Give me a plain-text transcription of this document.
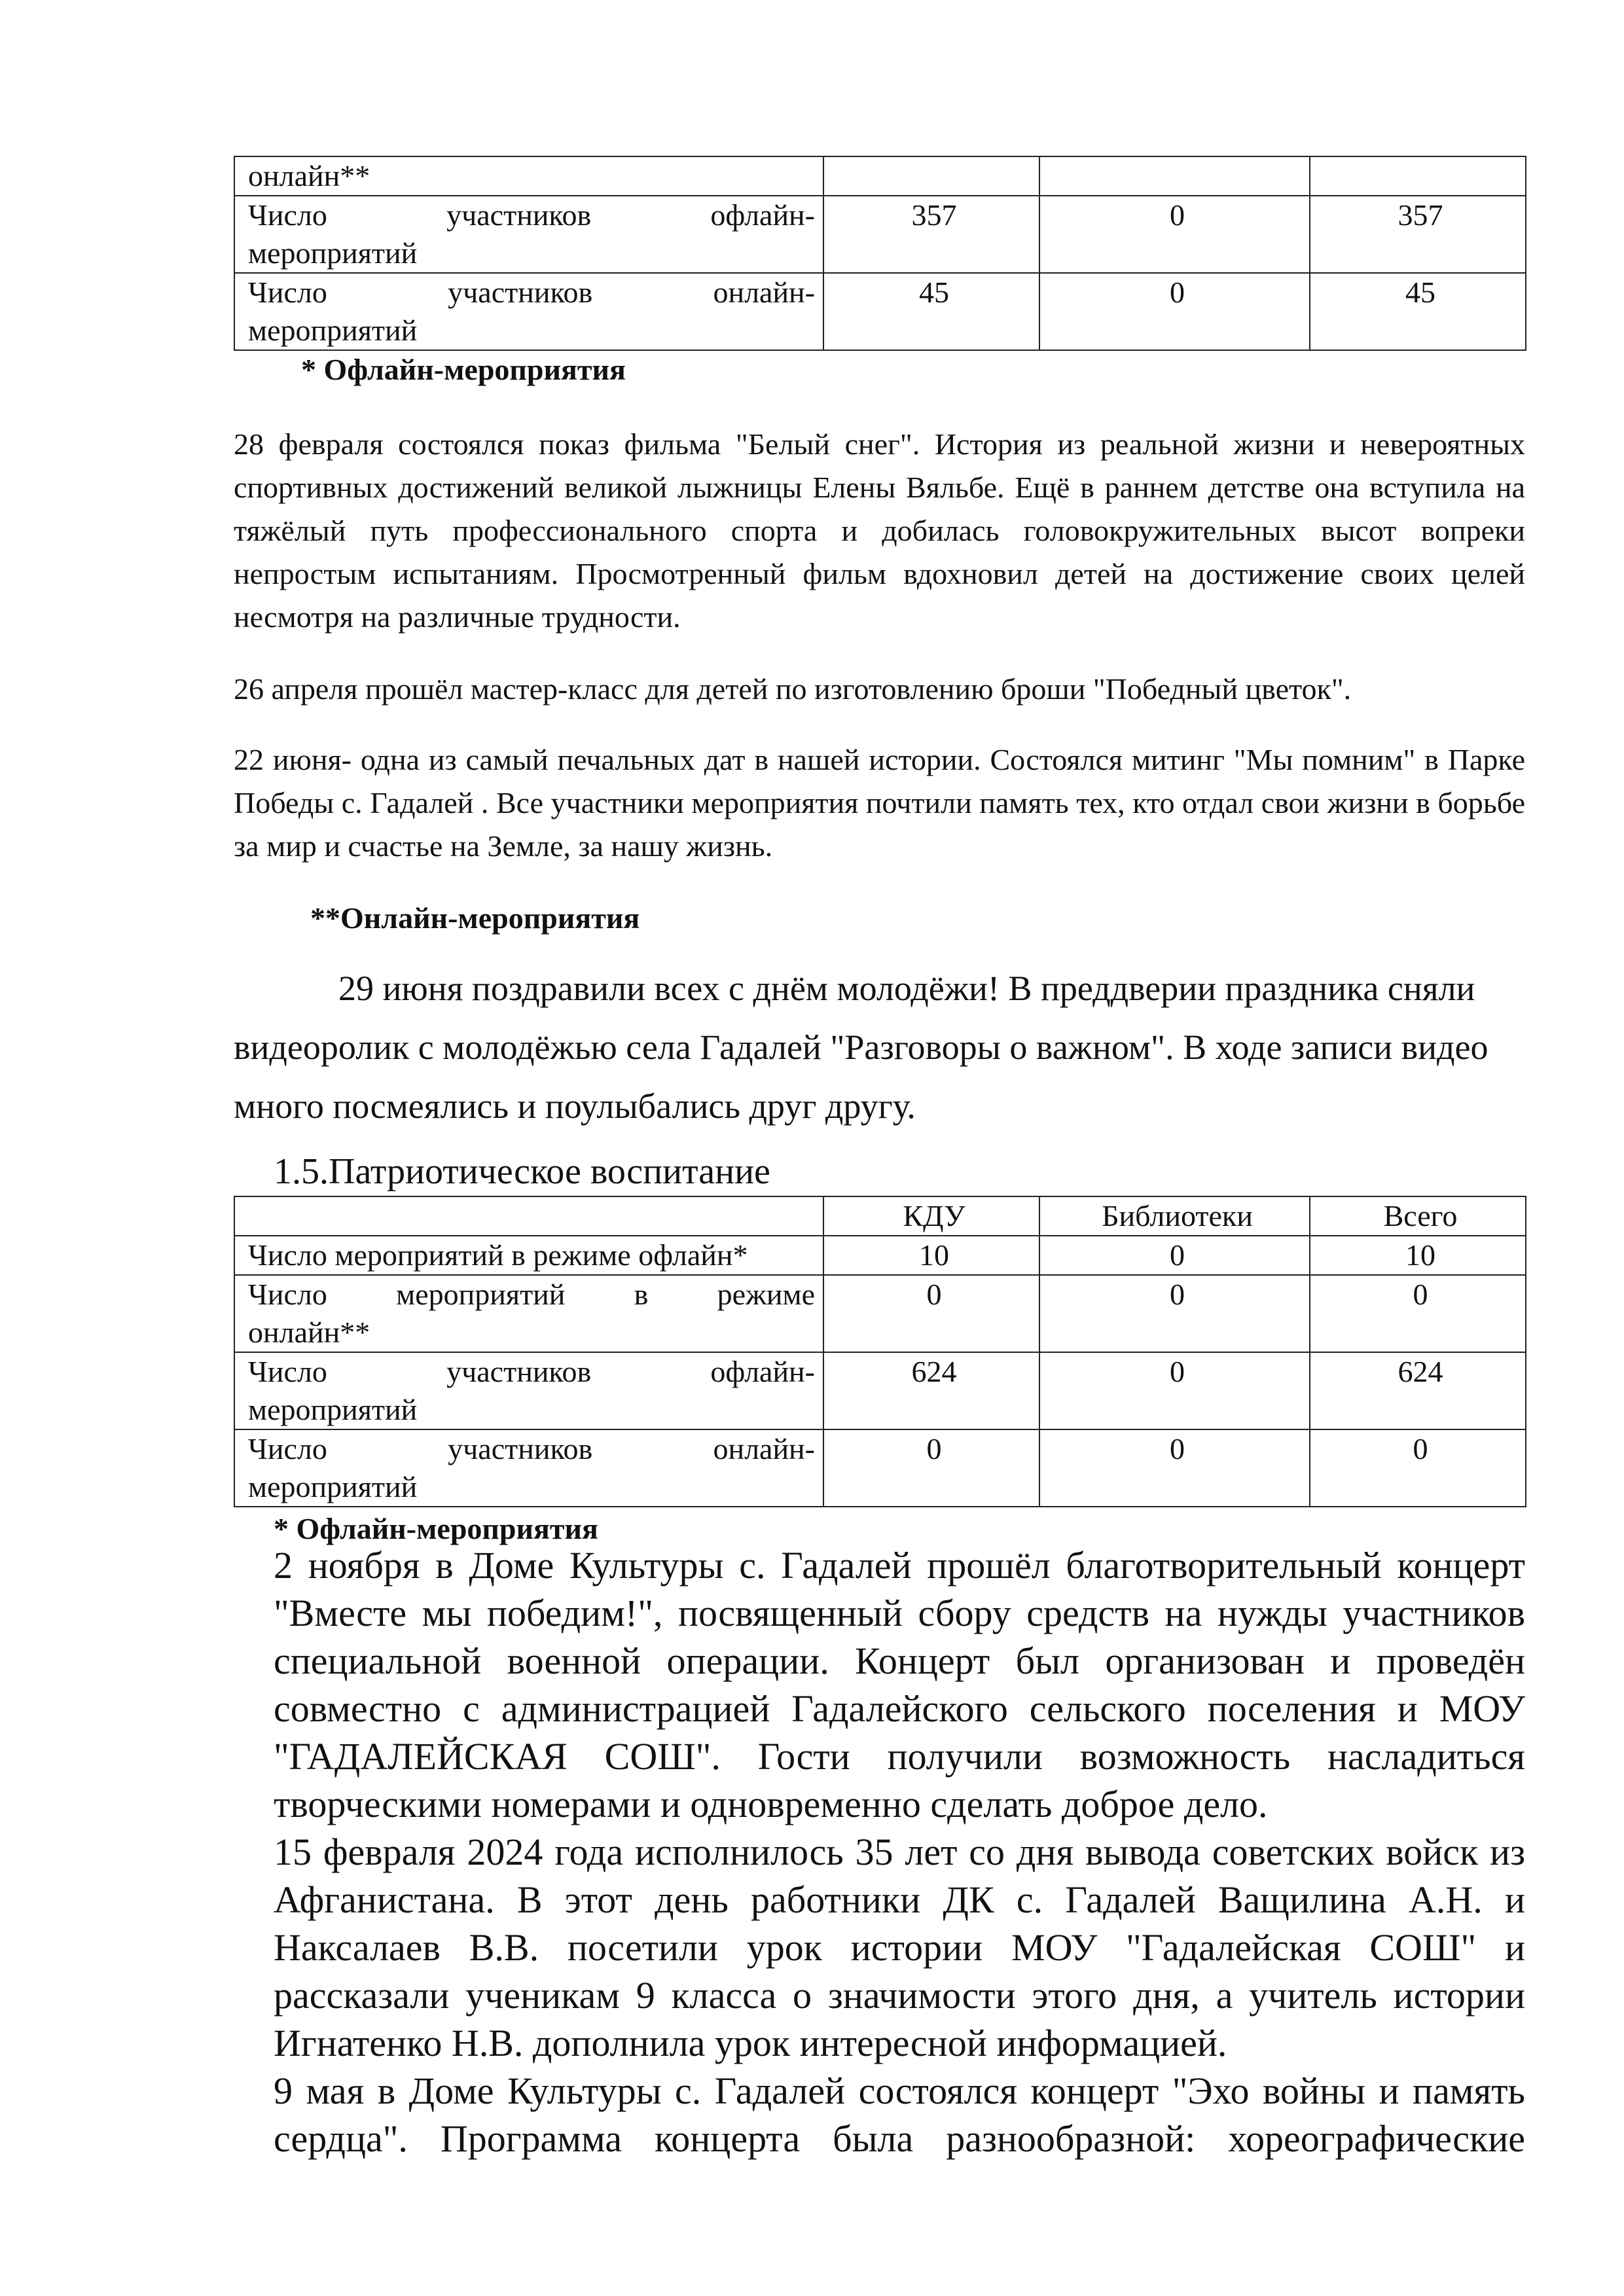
онлайн**			

Число участников офлайн-
мероприятий	357	0	357

Число участников онлайн-
мероприятий	45	0	45
* Офлайн-мероприятия
28 февраля состоялся показ фильма "Белый снег". История из реальной жизни и невероятных спортивных достижений великой лыжницы Елены Вяльбе. Ещё в раннем детстве она вступила на тяжёлый путь профессионального спорта и добилась головокружительных высот вопреки непростым испытаниям. Просмотренный фильм вдохновил детей на достижение своих целей несмотря на различные трудности.
26 апреля прошёл мастер-класс для детей по изготовлению броши "Победный цветок".
22 июня- одна из самый печальных дат в нашей истории. Состоялся митинг "Мы помним" в Парке Победы с. Гадалей . Все участники мероприятия почтили память тех, кто отдал свои жизни в борьбе за мир и счастье на Земле, за нашу жизнь.
**Онлайн-мероприятия
29 июня поздравили всех с днём молодёжи! В преддверии праздника сняли видеоролик с молодёжью села Гадалей "Разговоры о важном". В ходе записи видео много посмеялись и поулыбались друг другу.
1.5.Патриотическое воспитание
	КДУ	Библиотеки	Всего

Число мероприятий в режиме офлайн*	10	0	10

Число мероприятий в режиме
онлайн**	0	0	0

Число участников офлайн-
мероприятий	624	0	624

Число участников онлайн-
мероприятий	0	0	0
* Офлайн-мероприятия

2 ноября в Доме Культуры с. Гадалей прошёл благотворительный концерт "Вместе мы победим!", посвященный сбору средств на нужды участников специальной военной операции. Концерт был организован и проведён совместно с администрацией Гадалейского сельского поселения и МОУ "ГАДАЛЕЙСКАЯ СОШ". Гости получили возможность насладиться творческими номерами и одновременно сделать доброе дело.

15 февраля 2024 года исполнилось 35 лет со дня вывода советских войск из Афганистана. В этот день работники ДК с. Гадалей Ващилина А.Н. и Наксалаев В.В. посетили урок истории МОУ "Гадалейская СОШ" и рассказали ученикам 9 класса о значимости этого дня, а учитель истории Игнатенко Н.В. дополнила урок интересной информацией.

9 мая в Доме Культуры с. Гадалей состоялся концерт "Эхо войны и память сердца". Программа концерта была разнообразной: хореографические
